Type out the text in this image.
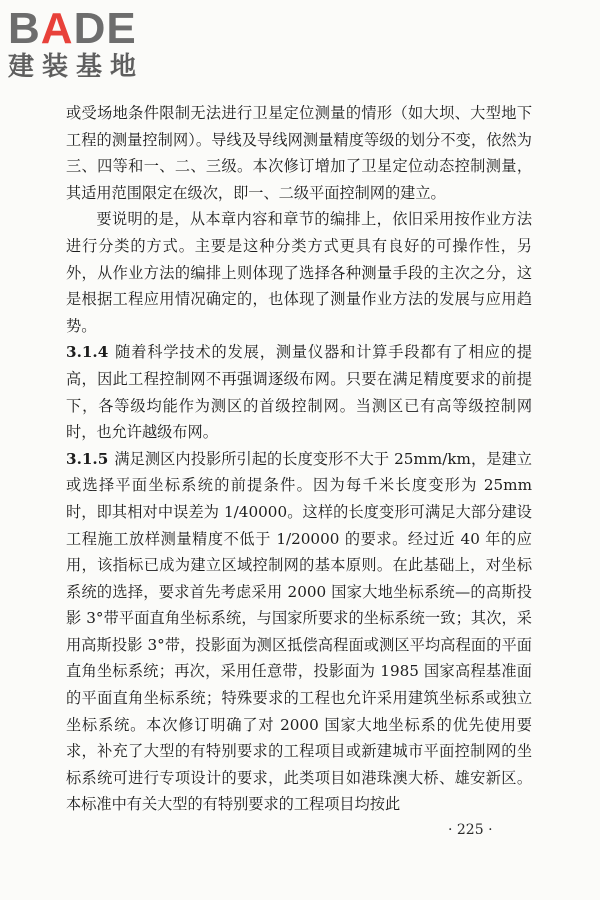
BADE
建装基地

或受场地条件限制无法进行卫星定位测量的情形（如大坝、大型地下工程的测量控制网）。导线及导线网测量精度等级的划分不变，依然为三、四等和一、二、三级。本次修订增加了卫星定位动态控制测量，其适用范围限定在级次，即一、二级平面控制网的建立。

要说明的是，从本章内容和章节的编排上，依旧采用按作业方法进行分类的方式。主要是这种分类方式更具有良好的可操作性，另外，从作业方法的编排上则体现了选择各种测量手段的主次之分，这是根据工程应用情况确定的，也体现了测量作业方法的发展与应用趋势。

3.1.4 随着科学技术的发展，测量仪器和计算手段都有了相应的提高，因此工程控制网不再强调逐级布网。只要在满足精度要求的前提下，各等级均能作为测区的首级控制网。当测区已有高等级控制网时，也允许越级布网。

3.1.5 满足测区内投影所引起的长度变形不大于 25mm/km，是建立或选择平面坐标系统的前提条件。因为每千米长度变形为 25mm 时，即其相对中误差为 1/40000。这样的长度变形可满足大部分建设工程施工放样测量精度不低于 1/20000 的要求。经过近 40 年的应用，该指标已成为建立区域控制网的基本原则。在此基础上，对坐标系统的选择，要求首先考虑采用 2000 国家大地坐标系统—的高斯投影 3°带平面直角坐标系统，与国家所要求的坐标系统一致；其次，采用高斯投影 3°带，投影面为测区抵偿高程面或测区平均高程面的平面直角坐标系统；再次，采用任意带，投影面为 1985 国家高程基准面的平面直角坐标系统；特殊要求的工程也允许采用建筑坐标系或独立坐标系统。本次修订明确了对 2000 国家大地坐标系的优先使用要求，补充了大型的有特别要求的工程项目或新建城市平面控制网的坐标系统可进行专项设计的要求，此类项目如港珠澳大桥、雄安新区。本标准中有关大型的有特别要求的工程项目均按此

· 225 ·
